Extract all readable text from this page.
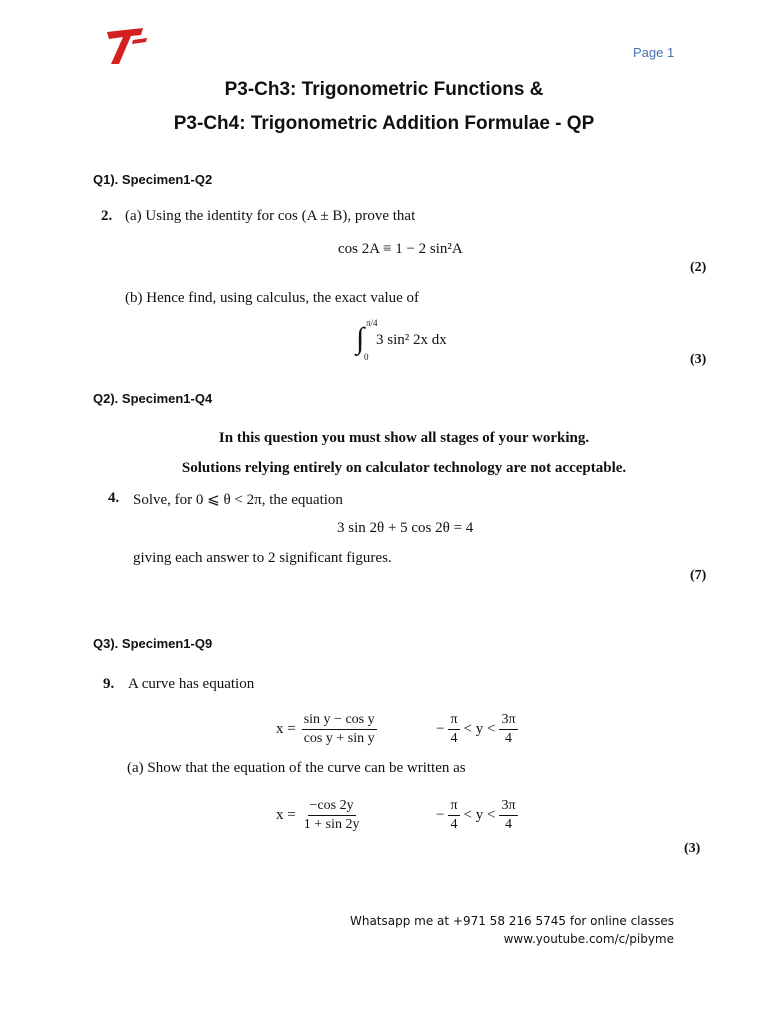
Page 1
P3-Ch3: Trigonometric Functions &
P3-Ch4: Trigonometric Addition Formulae - QP
Q1). Specimen1-Q2
2. (a) Using the identity for cos (A ± B), prove that
cos 2A ≡ 1 − 2 sin²A
(2)
(b) Hence find, using calculus, the exact value of
∫ π/4
0
3 sin² 2x dx
(3)
Q2). Specimen1-Q4
In this question you must show all stages of your working.
Solutions relying entirely on calculator technology are not acceptable.
4. Solve, for 0 ⩽ θ < 2π, the equation
3 sin 2θ + 5 cos 2θ = 4
giving each answer to 2 significant figures.
(7)
Q3). Specimen1-Q9
9. A curve has equation
$x = \frac{\text{sin y − cos y}}{\text{cos y + sin y}}$	− $\frac{\pi}{4} < y < \frac{3\pi}{4}$
(a) Show that the equation of the curve can be written as
$x = \frac{-\cos 2y}{1 + \sin 2y}$	− $\frac{\pi}{4} < y < \frac{3\pi}{4}$
(3)
Whatsapp me at +971 58 216 5745 for online classes
www.youtube.com/c/pibyme
